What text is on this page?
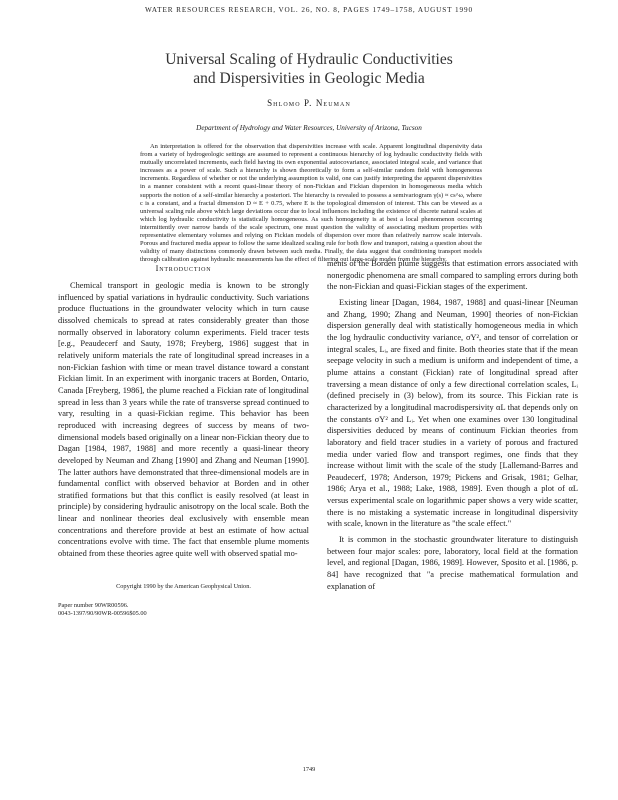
WATER RESOURCES RESEARCH, VOL. 26, NO. 8, PAGES 1749–1758, AUGUST 1990
Universal Scaling of Hydraulic Conductivities
and Dispersivities in Geologic Media
Shlomo P. Neuman
Department of Hydrology and Water Resources, University of Arizona, Tucson

An interpretation is offered for the observation that dispersivities increase with scale. Apparent longitudinal dispersivity data from a variety of hydrogeologic settings are assumed to represent a continuous hierarchy of log hydraulic conductivity fields with mutually uncorrelated increments, each field having its own exponential autocovariance, associated integral scale, and variance that increases as a power of scale. Such a hierarchy is shown theoretically to form a self-similar random field with homogeneous increments. Regardless of whether or not the underlying assumption is valid, one can justify interpreting the apparent dispersivities in a manner consistent with a recent quasi-linear theory of non-Fickian and Fickian dispersion in homogeneous media which supports the notion of a self-similar hierarchy a posteriori. The hierarchy is revealed to possess a semivariogram γ(s) ≈ cs^ω, where c is a constant, and a fractal dimension D ≈ E + 0.75, where E is the topological dimension of interest. This can be viewed as a universal scaling rule above which large deviations occur due to local influences including the existence of discrete natural scales at which log hydraulic conductivity is statistically homogeneous. As such homogeneity is at best a local phenomenon occurring intermittently over narrow bands of the scale spectrum, one must question the validity of associating medium properties with representative elementary volumes and relying on Fickian models of dispersion over more than relatively narrow scale intervals. Porous and fractured media appear to follow the same idealized scaling rule for both flow and transport, raising a question about the validity of many distinctions commonly drawn between such media. Finally, the data suggest that conditioning transport models through calibration against hydraulic measurements has the effect of filtering out large-scale modes from the hierarchy.

Introduction

Chemical transport in geologic media is known to be strongly influenced by spatial variations in hydraulic conductivity. Such variations produce fluctuations in the groundwater velocity which in turn cause dissolved chemicals to spread at rates considerably greater than those normally observed in laboratory column experiments. Field tracer tests [e.g., Peaudecerf and Sauty, 1978; Freyberg, 1986] suggest that in relatively uniform materials the rate of longitudinal spread increases in a non-Fickian fashion with time or mean travel distance toward a constant Fickian limit. In an experiment with inorganic tracers at Borden, Ontario, Canada [Freyberg, 1986], the plume reached a Fickian rate of longitudinal spread in less than 3 years while the rate of transverse spread continued to vary, resulting in a quasi-Fickian regime. This behavior has been reproduced with increasing degrees of success by means of two-dimensional models based originally on a linear non-Fickian theory due to Dagan [1984, 1987, 1988] and more recently a quasi-linear theory developed by Neuman and Zhang [1990] and Zhang and Neuman [1990]. The latter authors have demonstrated that three-dimensional models are in fundamental conflict with observed behavior at Borden and in other stratified formations but that this conflict is easily resolved (at least in principle) by considering hydraulic anisotropy on the local scale. Both the linear and nonlinear theories deal exclusively with ensemble mean concentrations and therefore provide at best an estimate of how actual concentrations evolve with time. The fact that ensemble plume moments obtained from these theories agree quite well with observed spatial mo-

Copyright 1990 by the American Geophysical Union.
Paper number 90WR00596.
0043-1397/90/90WR-00596$05.00

ments of the Borden plume suggests that estimation errors associated with nonergodic phenomena are small compared to sampling errors during both the non-Fickian and quasi-Fickian stages of the experiment.

Existing linear [Dagan, 1984, 1987, 1988] and quasi-linear [Neuman and Zhang, 1990; Zhang and Neuman, 1990] theories of non-Fickian dispersion generally deal with statistically homogeneous media in which the log hydraulic conductivity variance, σY², and tensor of correlation or integral scales, Lᵢ, are fixed and finite. Both theories state that if the mean seepage velocity in such a medium is uniform and independent of time, a plume attains a constant (Fickian) rate of longitudinal spread after traversing a mean distance of only a few directional correlation scales, Lᵢ (defined precisely in (3) below), from its source. This Fickian rate is characterized by a longitudinal macrodispersivity αL that depends only on the constants σY² and Lᵢ. Yet when one examines over 130 longitudinal dispersivities deduced by means of continuum Fickian theories from laboratory and field tracer studies in a variety of porous and fractured media under varied flow and transport regimes, one finds that they increase without limit with the scale of the study [Lallemand-Barres and Peaudecerf, 1978; Anderson, 1979; Pickens and Grisak, 1981; Gelhar, 1986; Arya et al., 1988; Lake, 1988, 1989]. Even though a plot of αL versus experimental scale on logarithmic paper shows a very wide scatter, there is no mistaking a systematic increase in longitudinal dispersivity with scale, known in the literature as "the scale effect."

It is common in the stochastic groundwater literature to distinguish between four major scales: pore, laboratory, local field at the formation level, and regional [Dagan, 1986, 1989]. However, Sposito et al. [1986, p. 84] have recognized that "a precise mathematical formulation and explanation of

1749
